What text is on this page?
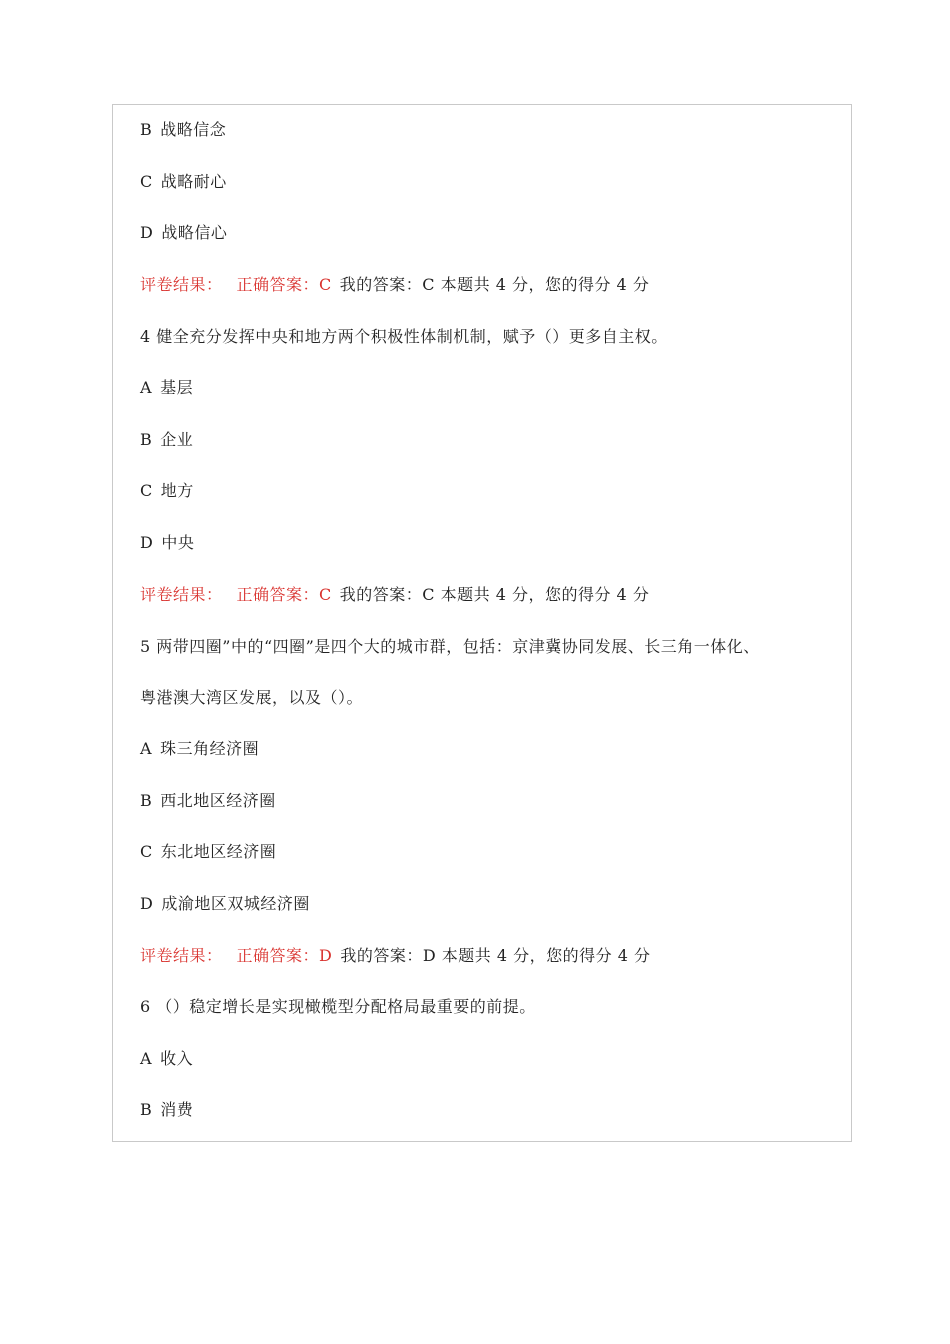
B 战略信念
C 战略耐心
D 战略信心
评卷结果： 正确答案：C 我的答案：C 本题共 4 分，您的得分 4 分
4 健全充分发挥中央和地方两个积极性体制机制，赋予（）更多自主权。
A 基层
B 企业
C 地方
D 中央
评卷结果： 正确答案：C 我的答案：C 本题共 4 分，您的得分 4 分
5 两带四圈”中的“四圈”是四个大的城市群，包括：京津冀协同发展、长三角一体化、
粤港澳大湾区发展，以及（）。
A 珠三角经济圈
B 西北地区经济圈
C 东北地区经济圈
D 成渝地区双城经济圈
评卷结果： 正确答案：D 我的答案：D 本题共 4 分，您的得分 4 分
6 （）稳定增长是实现橄榄型分配格局最重要的前提。
A 收入
B 消费
